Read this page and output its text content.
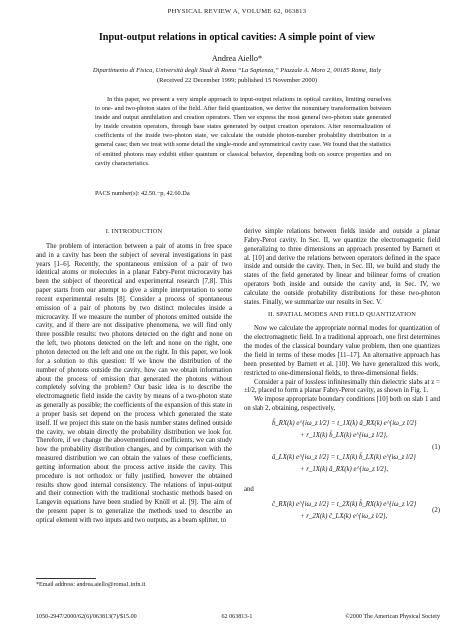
PHYSICAL REVIEW A, VOLUME 62, 063813
Input-output relations in optical cavities: A simple point of view
Andrea Aiello*
Dipartimento di Fisica, Università degli Studi di Roma “La Sapienza,” Piazzale A. Moro 2, 00185 Rome, Italy
(Received 22 December 1999; published 15 November 2000)

In this paper, we present a very simple approach to input-output relations in optical cavities, limiting ourselves to one- and two-photon states of the field. After field quantization, we derive the nonunitary transformation between inside and output annihilation and creation operators. Then we express the most general two-photon state generated by inside creation operators, through base states generated by output creation operators. After renormalization of coefficients of the inside two-photon state, we calculate the outside photon-number probability distribution in a general case; then we treat with some detail the single-mode and symmetrical cavity case. We found that the statistics of emitted photons may exhibit either quantum or classical behavior, depending both on source properties and on cavity characteristics.

PACS number(s): 42.50.−p, 42.60.Da
I. INTRODUCTION

The problem of interaction between a pair of atoms in free space and in a cavity has been the subject of several investigations in past years [1–6]. Recently, the spontaneous emission of a pair of two identical atoms or molecules in a planar Fabry-Perot microcavity has been the subject of theoretical and experimental research [7,8]. This paper starts from our attempt to give a simple interpretation to some recent experimental results [8]. Consider a process of spontaneous emission of a pair of photons by two distinct molecules inside a microcavity. If we measure the number of photons emitted outside the cavity, and if there are not dissipative phenomena, we will find only three possible results: two photons detected on the right and none on the left, two photons detected on the left and none on the right, one photon detected on the left and one on the right. In this paper, we look for a solution to this question: If we know the distribution of the number of photons outside the cavity, how can we obtain information about the process of emission that generated the photons without completely solving the problem? Our basic idea is to describe the electromagnetic field inside the cavity by means of a two-photon state as generally as possible; the coefficients of the expansion of this state in a proper basis set depend on the process which generated the state itself. If we project this state on the basis number states defined outside the cavity, we obtain directly the probability distribution we look for. Therefore, if we change the abovementioned coefficients, we can study how the probability distribution changes, and by comparison with the measured distribution we can obtain the values of these coefficients, getting information about the process active inside the cavity. This procedure is not orthodox or fully justified, however the obtained results show good internal consistency. The relations of input-output and their connection with the traditional stochastic methods based on Langevin equations have been studied by Knöll et al. [9]. The aim of the present paper is to generalize the methods used to describe an optical element with two inputs and two outputs, as a beam splitter, to

derive simple relations between fields inside and outside a planar Fabry-Perot cavity. In Sec. II, we quantize the electromagnetic field generalizing to three dimensions an approach presented by Barnett et al. [10] and derive the relations between operators defined in the space inside and outside the cavity. Then, in Sec. III, we build and study the states of the field generated by linear and bilinear forms of creation operators both inside and outside the cavity and, in Sec. IV, we calculate the outside probability distributions for these two-photon states. Finally, we summarize our results in Sec. V.

II. SPATIAL MODES AND FIELD QUANTIZATION

Now we calculate the appropriate normal modes for quantization of the electromagnetic field. In a traditional approach, one first determines the modes of the classical boundary value problem, then one quantizes the field in terms of these modes [11–17]. An alternative approach has been presented by Barnett et al. [10]. We have generalized this work, restricted to one-dimensional fields, to three-dimensional fields.

Consider a pair of lossless infinitesimally thin dielectric slabs at z = ±l/2, placed to form a planar Fabry-Perot cavity, as shown in Fig. 1.

We impose appropriate boundary conditions [10] both on slab 1 and on slab 2, obtaining, respectively,

b̂_RX(k) e^{iω_z l/2} = t_1X(k) â_RX(k) e^{iω_z l/2}
+ r_1X(k) b̂_LX(k) e^{iω_z l/2},
â_LX(k) e^{iω_z l/2} = t_1X(k) b̂_LX(k) e^{iω_z l/2}
+ r_1X(k) â_RX(k) e^{iω_z l/2},
(1)

and

ĉ_RX(k) e^{iω_z l/2} = t_2X(k) b̂_RX(k) e^{iω_z l/2}
+ r_2X(k) ĉ_LX(k) e^{iω_z l/2},
(2)
*Email address: andrea.aiello@roma1.infn.it
1050-2947/2000/62(6)/063813(7)/$15.00	62 063813-1	©2000 The American Physical Society
